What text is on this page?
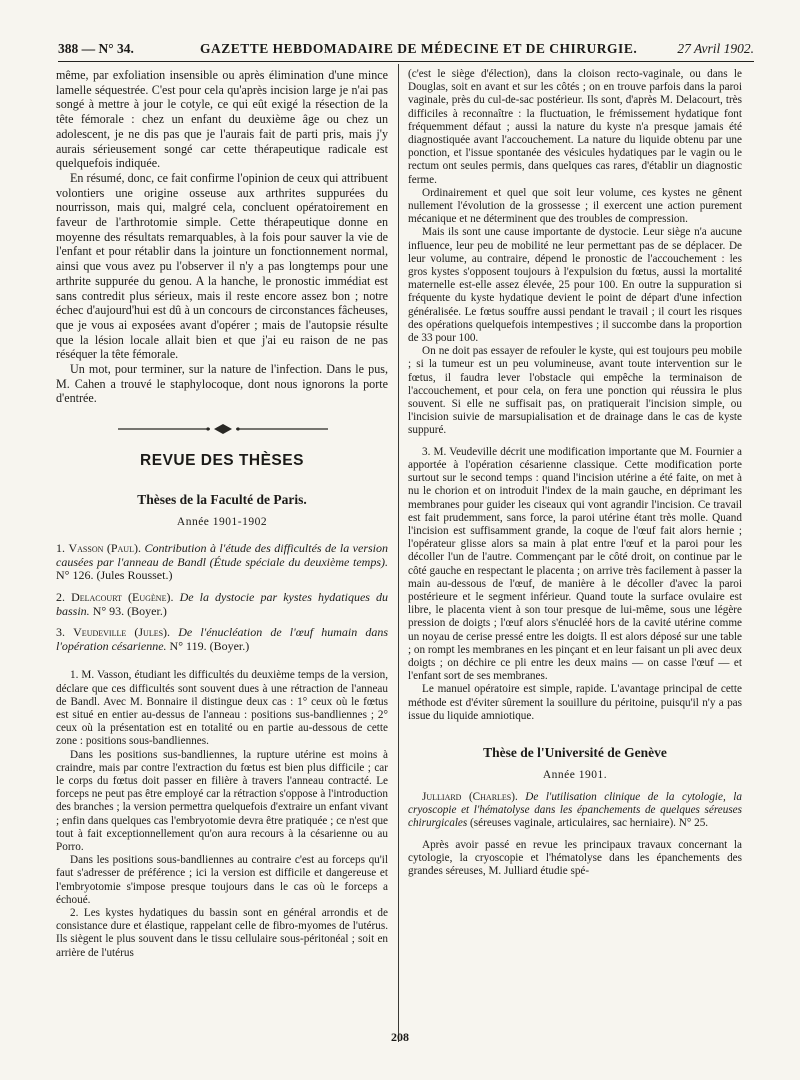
388 — N° 34.	GAZETTE HEBDOMADAIRE DE MÉDECINE ET DE CHIRURGIE.	27 Avril 1902.

même, par exfoliation insensible ou après élimination d'une mince lamelle séquestrée. C'est pour cela qu'après incision large je n'ai pas songé à mettre à jour le cotyle, ce qui eût exigé la résection de la tête fémorale : chez un enfant du deuxième âge ou chez un adolescent, je ne dis pas que je l'aurais fait de parti pris, mais j'y aurais sérieusement songé car cette thérapeutique radicale est quelquefois indiquée.

En résumé, donc, ce fait confirme l'opinion de ceux qui attribuent volontiers une origine osseuse aux arthrites suppurées du nourrisson, mais qui, malgré cela, concluent opératoirement en faveur de l'arthrotomie simple. Cette thérapeutique donne en moyenne des résultats remarquables, à la fois pour sauver la vie de l'enfant et pour rétablir dans la jointure un fonctionnement normal, ainsi que vous avez pu l'observer il n'y a pas longtemps pour une arthrite suppurée du genou. A la hanche, le pronostic immédiat est sans contredit plus sérieux, mais il reste encore assez bon ; notre échec d'aujourd'hui est dû à un concours de circonstances fâcheuses, que je vous ai exposées avant d'opérer ; mais de l'autopsie résulte que la lésion locale allait bien et que j'ai eu raison de ne pas réséquer la tête fémorale.

Un mot, pour terminer, sur la nature de l'infection. Dans le pus, M. Cahen a trouvé le staphylocoque, dont nous ignorons la porte d'entrée.

REVUE DES THÈSES
Thèses de la Faculté de Paris.
Année 1901-1902
1. Vasson (Paul). Contribution à l'étude des difficultés de la version causées par l'anneau de Bandl (Étude spéciale du deuxième temps). N° 126. (Jules Rousset.)
2. Delacourt (Eugène). De la dystocie par kystes hydatiques du bassin. N° 93. (Boyer.)
3. Veudeville (Jules). De l'énucléation de l'œuf humain dans l'opération césarienne. N° 119. (Boyer.)

1. M. Vasson, étudiant les difficultés du deuxième temps de la version, déclare que ces difficultés sont souvent dues à une rétraction de l'anneau de Bandl. Avec M. Bonnaire il distingue deux cas : 1° ceux où le fœtus est situé en entier au-dessus de l'anneau : positions sus-bandliennes ; 2° ceux où la présentation est en totalité ou en partie au-dessous de cette zone : positions sous-bandliennes.

Dans les positions sus-bandliennes, la rupture utérine est moins à craindre, mais par contre l'extraction du fœtus est bien plus difficile ; car le corps du fœtus doit passer en filière à travers l'anneau contracté. Le forceps ne peut pas être employé car la rétraction s'oppose à l'introduction des branches ; la version permettra quelquefois d'extraire un enfant vivant ; enfin dans quelques cas l'embryotomie devra être pratiquée ; ce n'est que tout à fait exceptionnellement qu'on aura recours à la césarienne ou au Porro.

Dans les positions sous-bandliennes au contraire c'est au forceps qu'il faut s'adresser de préférence ; ici la version est difficile et dangereuse et l'embryotomie s'impose presque toujours dans le cas où le forceps a échoué.

2. Les kystes hydatiques du bassin sont en général arrondis et de consistance dure et élastique, rappelant celle de fibro-myomes de l'utérus. Ils siègent le plus souvent dans le tissu cellulaire sous-péritonéal ; soit en arrière de l'utérus

(c'est le siège d'élection), dans la cloison recto-vaginale, ou dans le Douglas, soit en avant et sur les côtés ; on en trouve parfois dans la paroi vaginale, près du cul-de-sac postérieur. Ils sont, d'après M. Delacourt, très difficiles à reconnaître : la fluctuation, le frémissement hydatique font fréquemment défaut ; aussi la nature du kyste n'a presque jamais été diagnostiquée avant l'accouchement. La nature du liquide obtenu par une ponction, et l'issue spontanée des vésicules hydatiques par le vagin ou le rectum ont seules permis, dans quelques cas rares, d'établir un diagnostic ferme.

Ordinairement et quel que soit leur volume, ces kystes ne gênent nullement l'évolution de la grossesse ; il exercent une action purement mécanique et ne déterminent que des troubles de compression.

Mais ils sont une cause importante de dystocie. Leur siège n'a aucune influence, leur peu de mobilité ne leur permettant pas de se déplacer. De leur volume, au contraire, dépend le pronostic de l'accouchement : les gros kystes s'opposent toujours à l'expulsion du fœtus, aussi la mortalité maternelle est-elle assez élevée, 25 pour 100. En outre la suppuration si fréquente du kyste hydatique devient le point de départ d'une infection généralisée. Le fœtus souffre aussi pendant le travail ; il court les risques des opérations quelquefois intempestives ; il succombe dans la proportion de 33 pour 100.

On ne doit pas essayer de refouler le kyste, qui est toujours peu mobile ; si la tumeur est un peu volumineuse, avant toute intervention sur le fœtus, il faudra lever l'obstacle qui empêche la terminaison de l'accouchement, et pour cela, on fera une ponction qui réussira le plus souvent. Si elle ne suffisait pas, on pratiquerait l'incision simple, ou l'incision suivie de marsupialisation et de drainage dans le cas de kyste suppuré.

3. M. Veudeville décrit une modification importante que M. Fournier a apportée à l'opération césarienne classique. Cette modification porte surtout sur le second temps : quand l'incision utérine a été faite, on met à nu le chorion et on introduit l'index de la main gauche, en déprimant les membranes pour guider les ciseaux qui vont agrandir l'incision. Ce travail est fait prudemment, sans force, la paroi utérine étant très molle. Quand l'incision est suffisamment grande, la coque de l'œuf fait alors hernie ; l'opérateur glisse alors sa main à plat entre l'œuf et la paroi pour les décoller l'un de l'autre. Commençant par le côté droit, on continue par le côté gauche en respectant le placenta ; on arrive très facilement à passer la main au-dessous de l'œuf, de manière à le décoller d'avec la paroi postérieure et le segment inférieur. Quand toute la surface ovulaire est libre, le placenta vient à son tour presque de lui-même, sous une légère pression de doigts ; l'œuf alors s'énucléé hors de la cavité utérine comme un noyau de cerise pressé entre les doigts. Il est alors déposé sur une table ; on rompt les membranes en les pinçant et en leur faisant un pli avec deux doigts ; on déchire ce pli entre les deux mains — on casse l'œuf — et l'enfant sort de ses membranes.

Le manuel opératoire est simple, rapide. L'avantage principal de cette méthode est d'éviter sûrement la souillure du péritoine, puisqu'il n'y a pas issue du liquide amniotique.

Thèse de l'Université de Genève
Année 1901.

Julliard (Charles). De l'utilisation clinique de la cytologie, la cryoscopie et l'hématolyse dans les épanchements de quelques séreuses chirurgicales (séreuses vaginale, articulaires, sac herniaire). N° 25.

Après avoir passé en revue les principaux travaux concernant la cytologie, la cryoscopie et l'hématolyse dans les épanchements des grandes séreuses, M. Julliard étudie spé-

208
